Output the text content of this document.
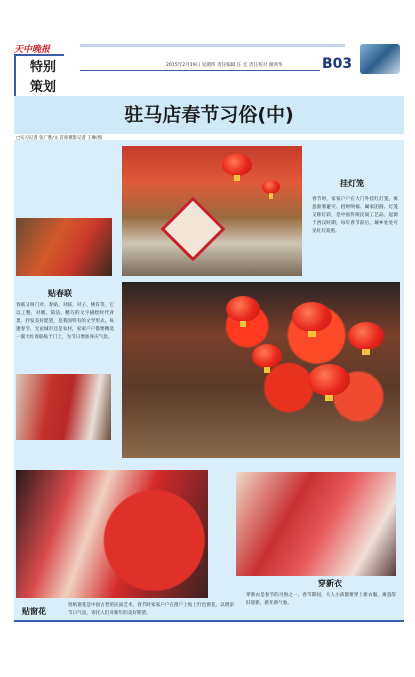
天中晚报
特别
策划
2015年2月19日 星期四 责任编辑 任 宏 责任校对 谢鸿华	B03
驻马店春节习俗(中)
□实习记者 张广胜/文 首席摄影记者 王琳/图
挂灯笼
春节时，家家户户在大门外挂红灯笼，寓意驱邪避灾、招财纳福、阖家团圆。灯笼又称灯彩，是中国传统民间工艺品，起源于西汉时期，每年春节前后，城乡处处可见红灯高照。
贴春联
春联又叫门对、春贴、对联、对子、桃符等，它以工整、对偶、简洁、精巧的文字描绘时代背景，抒发美好愿望，是我国特有的文学形式。每逢春节，无论城市还是农村，家家户户都要精选一副大红春联贴于门上，为节日增加喜庆气氛。
穿新衣
穿新衣是春节的习俗之一。春节期间，大人小孩都要穿上新衣服，寓意辞旧迎新，新年新气象。
贴窗花
剪纸窗花是中国古老的民间艺术，春节时家家户户在窗户上贴上红色窗花，以增添节日气氛，寄托人们对新年的美好期望。
